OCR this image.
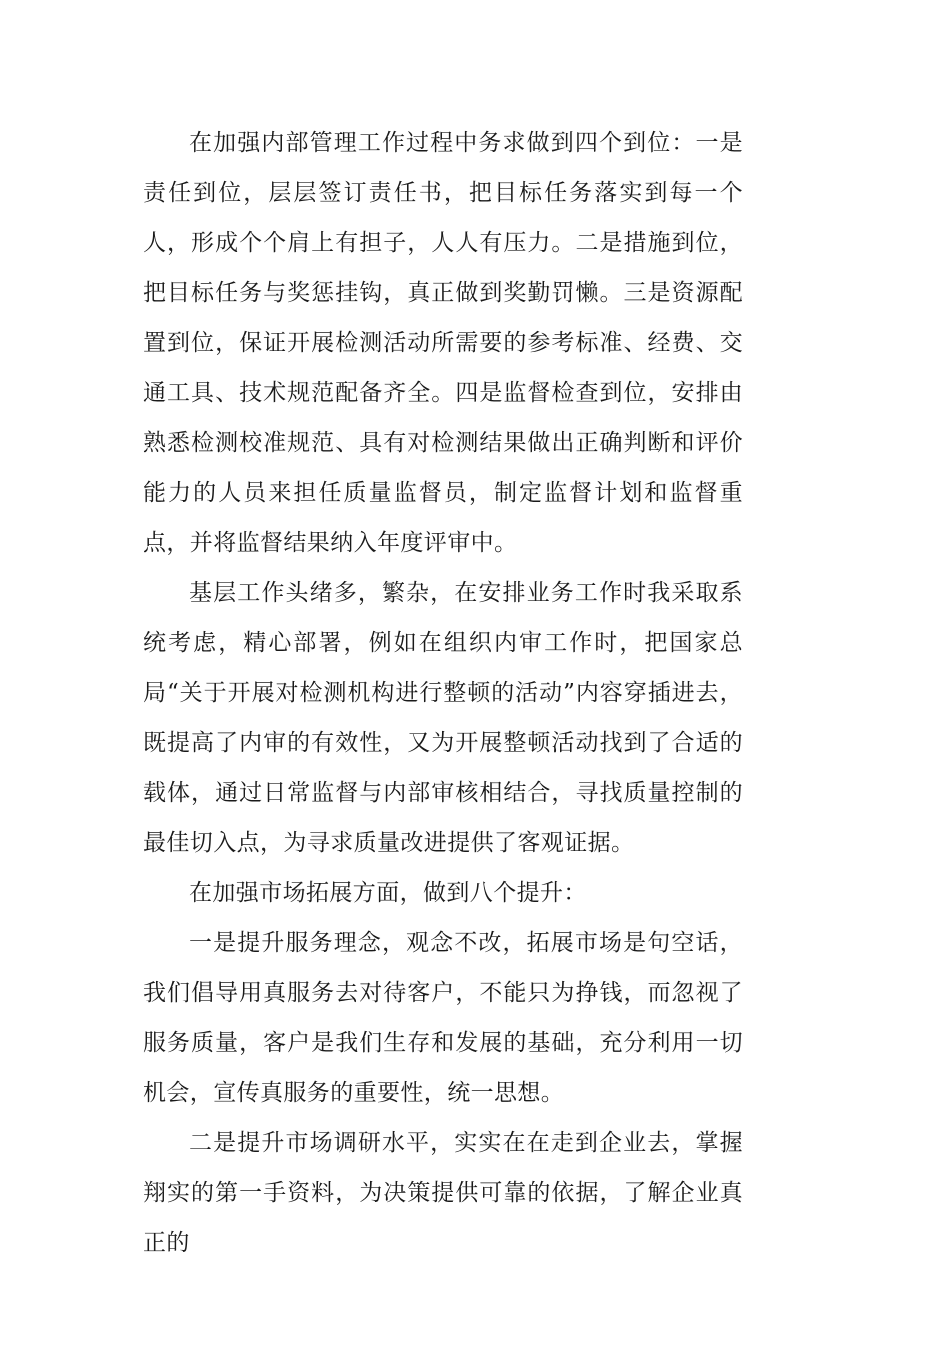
在加强内部管理工作过程中务求做到四个到位：一是责任到位，层层签订责任书，把目标任务落实到每一个人，形成个个肩上有担子，人人有压力。二是措施到位，把目标任务与奖惩挂钩，真正做到奖勤罚懒。三是资源配置到位，保证开展检测活动所需要的参考标准、经费、交通工具、技术规范配备齐全。四是监督检查到位，安排由熟悉检测校准规范、具有对检测结果做出正确判断和评价能力的人员来担任质量监督员，制定监督计划和监督重点，并将监督结果纳入年度评审中。

基层工作头绪多，繁杂，在安排业务工作时我采取系统考虑，精心部署，例如在组织内审工作时，把国家总局“关于开展对检测机构进行整顿的活动”内容穿插进去，既提高了内审的有效性，又为开展整顿活动找到了合适的载体，通过日常监督与内部审核相结合，寻找质量控制的最佳切入点，为寻求质量改进提供了客观证据。

在加强市场拓展方面，做到八个提升：

一是提升服务理念，观念不改，拓展市场是句空话，我们倡导用真服务去对待客户，不能只为挣钱，而忽视了服务质量，客户是我们生存和发展的基础，充分利用一切机会，宣传真服务的重要性，统一思想。

二是提升市场调研水平，实实在在走到企业去，掌握翔实的第一手资料，为决策提供可靠的依据，了解企业真正的
